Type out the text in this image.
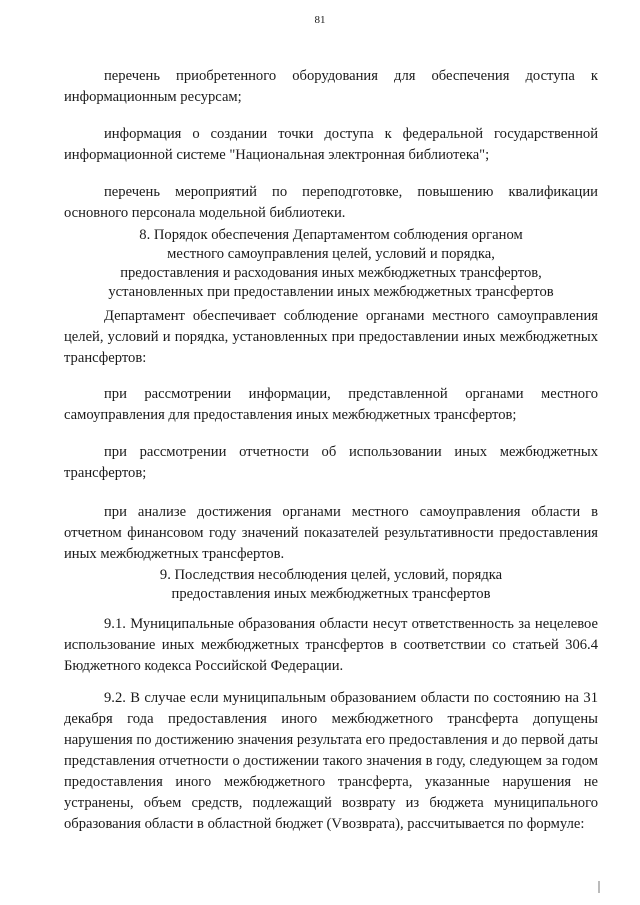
81

перечень приобретенного оборудования для обеспечения доступа к информационным ресурсам;

информация о создании точки доступа к федеральной государственной информационной системе "Национальная электронная библиотека";

перечень мероприятий по переподготовке, повышению квалификации основного персонала модельной библиотеки.

8. Порядок обеспечения Департаментом соблюдения органом
местного самоуправления целей, условий и порядка,
предоставления и расходования иных межбюджетных трансфертов,
установленных при предоставлении иных межбюджетных трансфертов

Департамент обеспечивает соблюдение органами местного самоуправления целей, условий и порядка, установленных при предоставлении иных межбюджетных трансфертов:

при рассмотрении информации, представленной органами местного самоуправления для предоставления иных межбюджетных трансфертов;

при рассмотрении отчетности об использовании иных межбюджетных трансфертов;

при анализе достижения органами местного самоуправления области в отчетном финансовом году значений показателей результативности предоставления иных межбюджетных трансфертов.

9. Последствия несоблюдения целей, условий, порядка
предоставления иных межбюджетных трансфертов

9.1. Муниципальные образования области несут ответственность за нецелевое использование иных межбюджетных трансфертов в соответствии со статьей 306.4 Бюджетного кодекса Российской Федерации.

9.2. В случае если муниципальным образованием области по состоянию на 31 декабря года предоставления иного межбюджетного трансферта допущены нарушения по достижению значения результата его предоставления и до первой даты представления отчетности о достижении такого значения в году, следующем за годом предоставления иного межбюджетного трансферта, указанные нарушения не устранены, объем средств, подлежащий возврату из бюджета муниципального образования области в областной бюджет (Vвозврата), рассчитывается по формуле:
